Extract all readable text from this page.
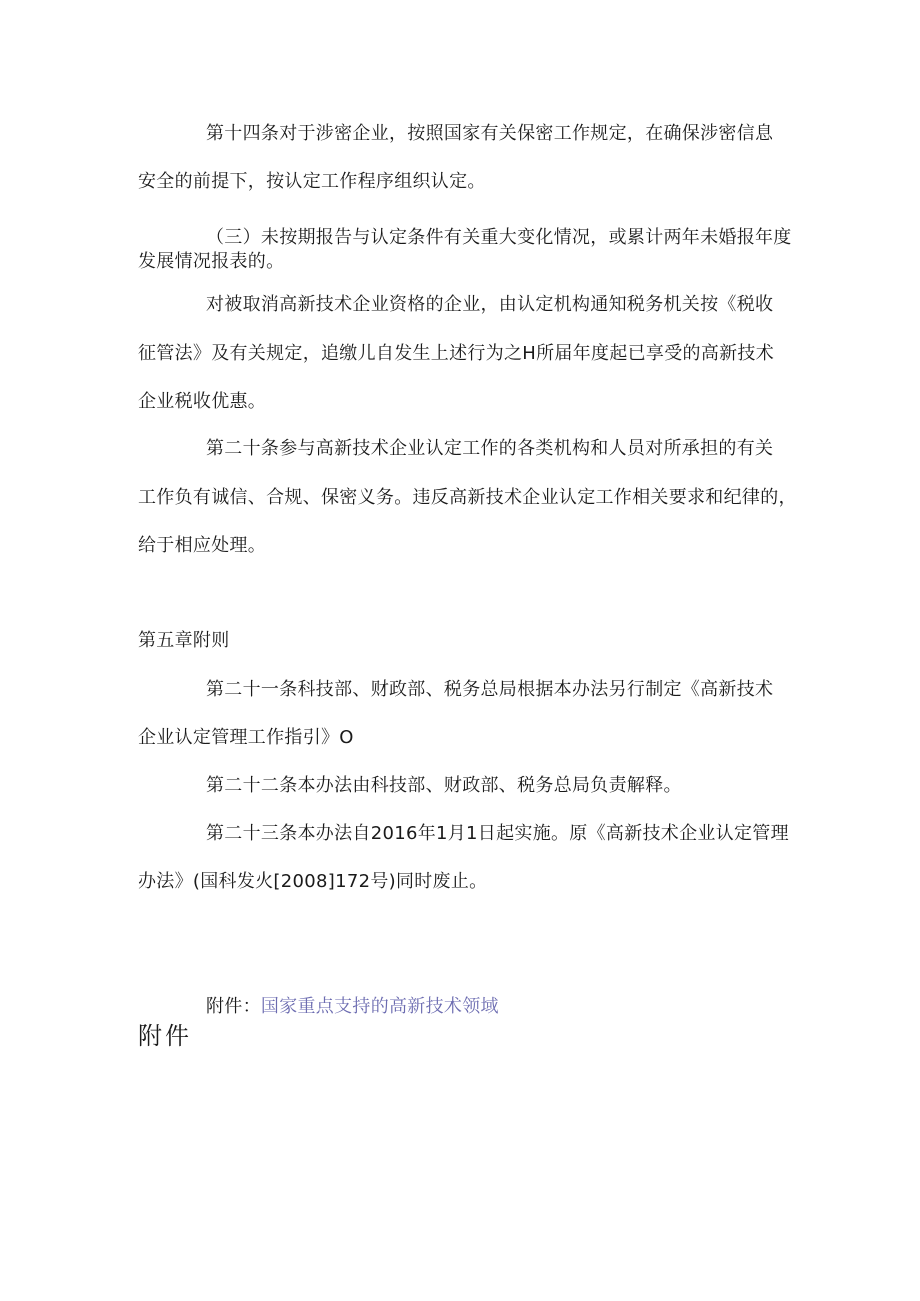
第十四条对于涉密企业，按照国家有关保密工作规定，在确保涉密信息
安全的前提下，按认定工作程序组织认定。
（三）未按期报告与认定条件有关重大变化情况，或累计两年未婚报年度
发展情况报表的。
对被取消高新技术企业资格的企业，由认定机构通知税务机关按《税收
征管法》及有关规定，追缴儿自发生上述行为之H所届年度起已享受的高新技术
企业税收优惠。
第二十条参与高新技术企业认定工作的各类机构和人员对所承担的有关
工作负有诚信、合规、保密义务。违反高新技术企业认定工作相关要求和纪律的，
给于相应处理。
第五章附则
第二十一条科技部、财政部、税务总局根据本办法另行制定《高新技术
企业认定管理工作指引》O
第二十二条本办法由科技部、财政部、税务总局负责解释。
第二十三条本办法自2016年1月1日起实施。原《高新技术企业认定管理
办法》(国科发火[2008]172号)同时废止。
附件：国家重点支持的高新技术领域
附件
